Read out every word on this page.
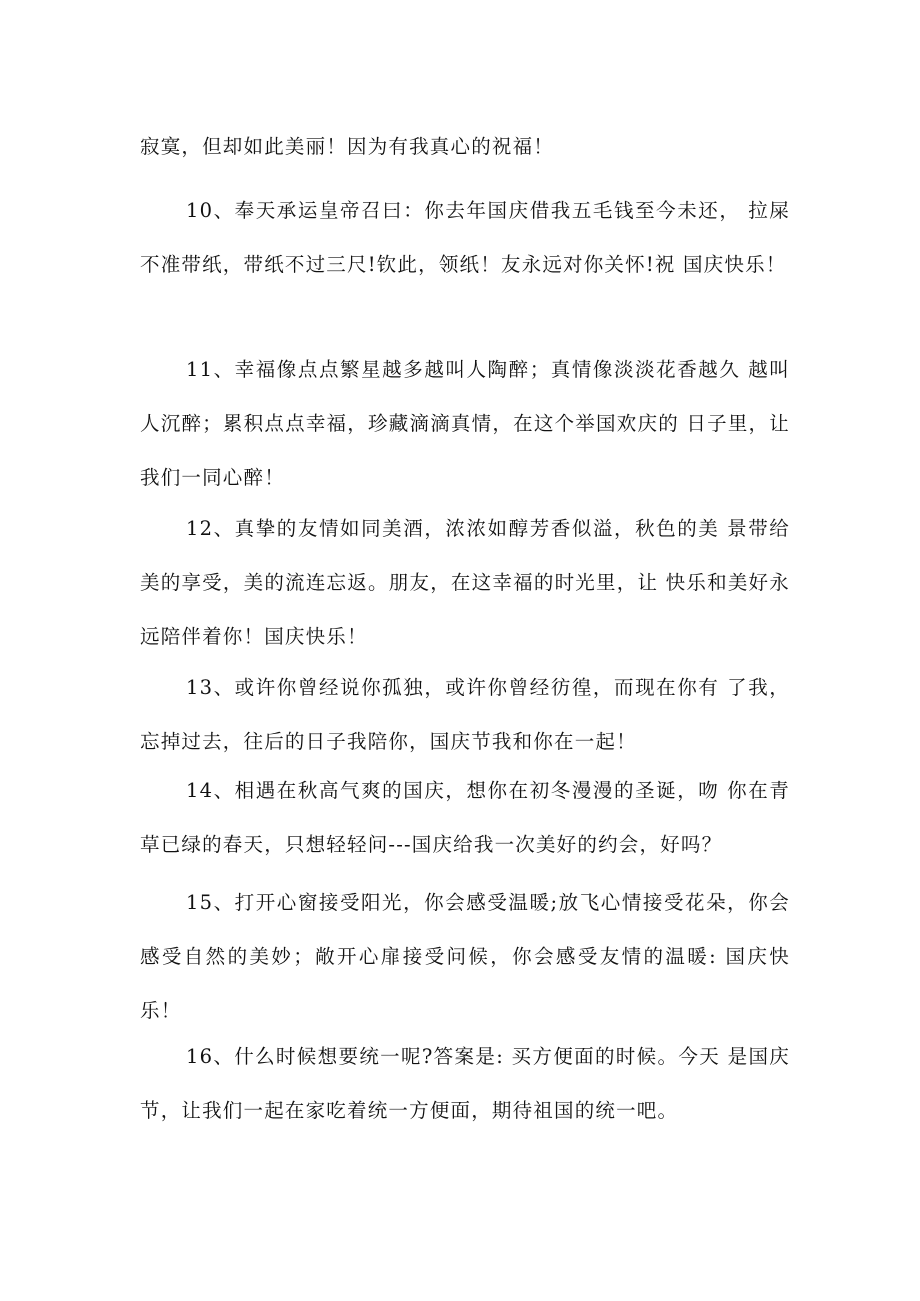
寂寞，但却如此美丽！因为有我真心的祝福！

10、奉天承运皇帝召曰：你去年国庆借我五毛钱至今未还， 拉屎不准带纸，带纸不过三尺!钦此，领纸！友永远对你关怀!祝 国庆快乐！

11、幸福像点点繁星越多越叫人陶醉；真情像淡淡花香越久 越叫人沉醉；累积点点幸福，珍藏滴滴真情，在这个举国欢庆的 日子里，让我们一同心醉！

12、真挚的友情如同美酒，浓浓如醇芳香似溢，秋色的美 景带给美的享受，美的流连忘返。朋友，在这幸福的时光里，让 快乐和美好永远陪伴着你！国庆快乐！

13、或许你曾经说你孤独，或许你曾经彷徨，而现在你有 了我，忘掉过去，往后的日子我陪你，国庆节我和你在一起！

14、相遇在秋高气爽的国庆，想你在初冬漫漫的圣诞，吻 你在青草已绿的春天，只想轻轻问---国庆给我一次美好的约会，好吗？

15、打开心窗接受阳光，你会感受温暖;放飞心情接受花朵，你会感受自然的美妙；敞开心扉接受问候，你会感受友情的温暖: 国庆快乐！

16、什么时候想要统一呢?答案是: 买方便面的时候。今天 是国庆节，让我们一起在家吃着统一方便面，期待祖国的统一吧。
